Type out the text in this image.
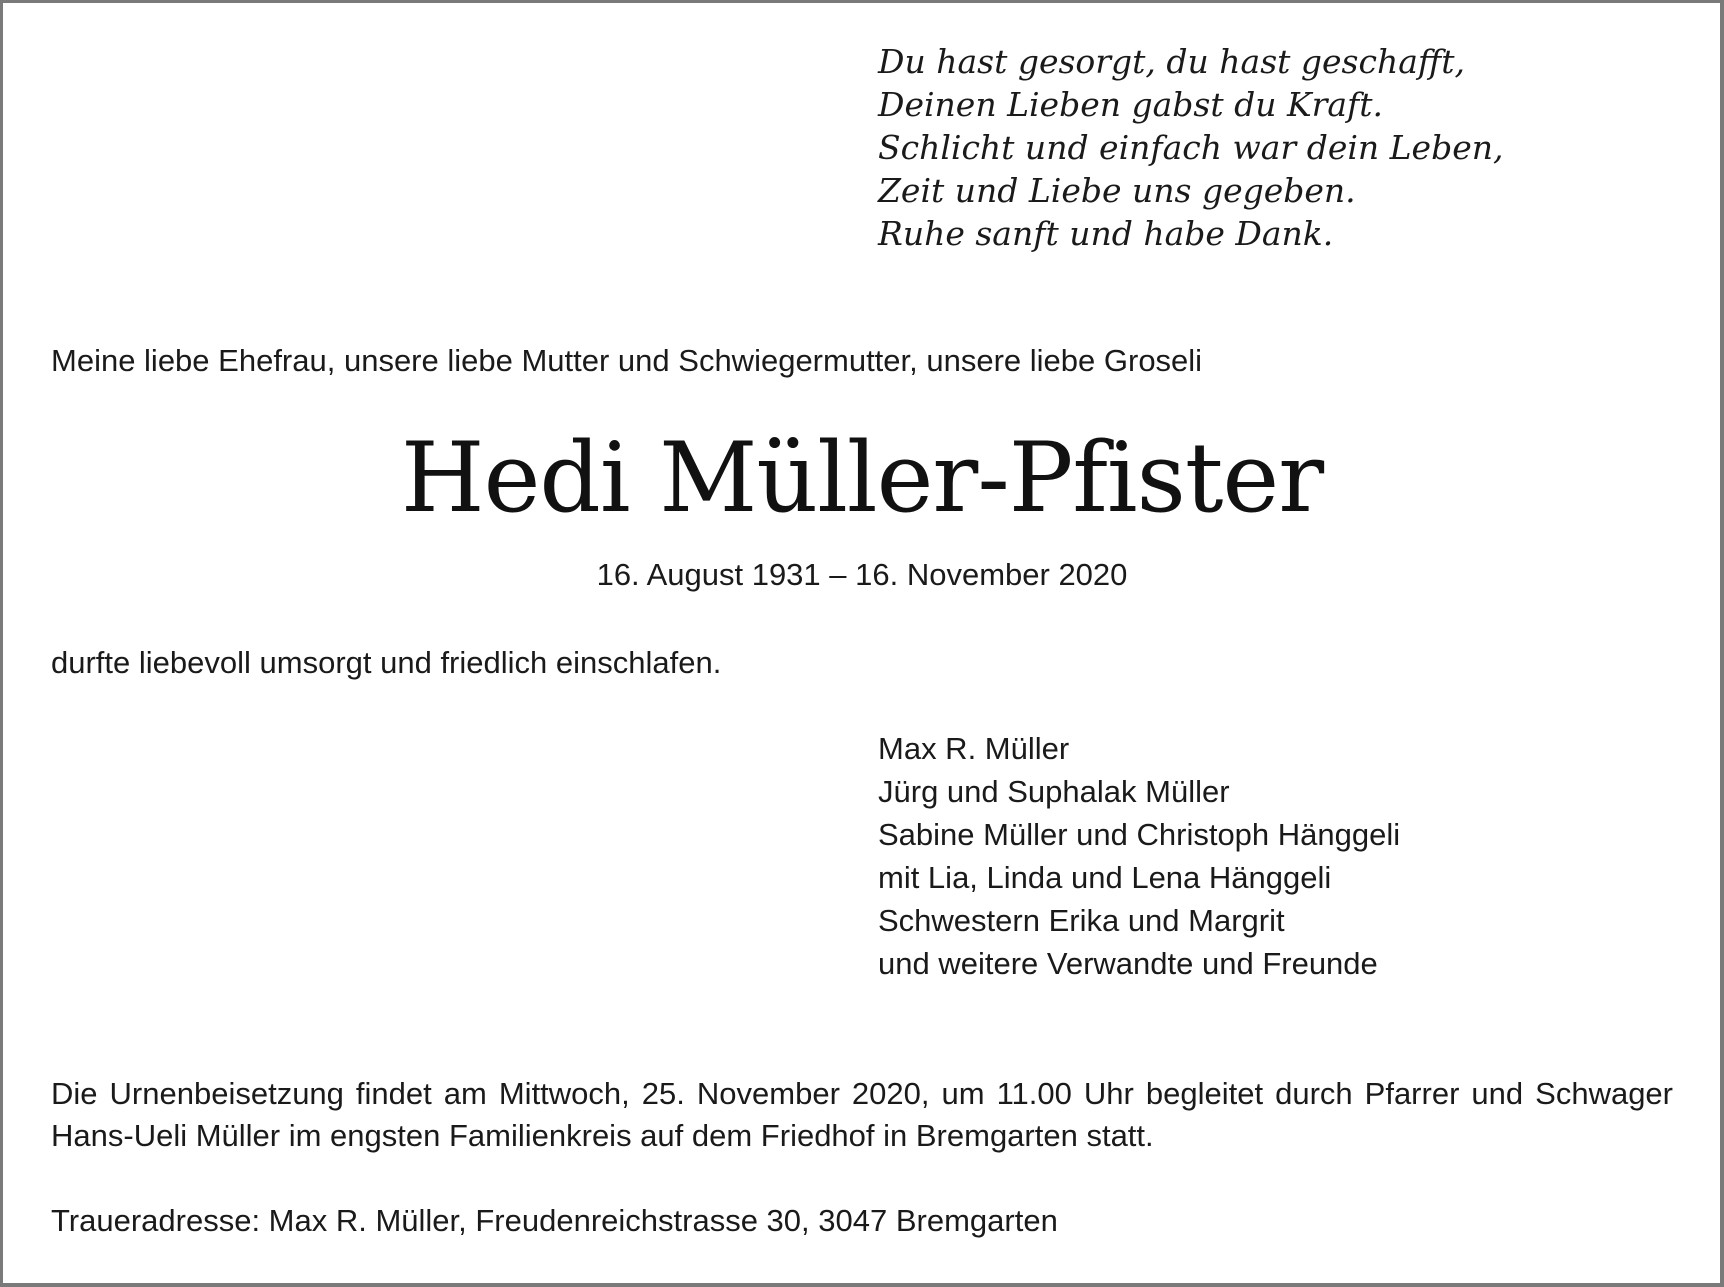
Du hast gesorgt, du hast geschafft,
Deinen Lieben gabst du Kraft.
Schlicht und einfach war dein Leben,
Zeit und Liebe uns gegeben.
Ruhe sanft und habe Dank.
Meine liebe Ehefrau, unsere liebe Mutter und Schwiegermutter, unsere liebe Groseli
Hedi Müller-Pfister
16. August 1931 – 16. November 2020
durfte liebevoll umsorgt und friedlich einschlafen.
Max R. Müller
Jürg und Suphalak Müller
Sabine Müller und Christoph Hänggeli
mit Lia, Linda und Lena Hänggeli
Schwestern Erika und Margrit
und weitere Verwandte und Freunde

Die Urnenbeisetzung findet am Mittwoch, 25. November 2020, um 11.00 Uhr begleitet durch Pfarrer und Schwager Hans-Ueli Müller im engsten Familienkreis auf dem Friedhof in Bremgarten statt.

Traueradresse: Max R. Müller, Freudenreichstrasse 30, 3047 Bremgarten
